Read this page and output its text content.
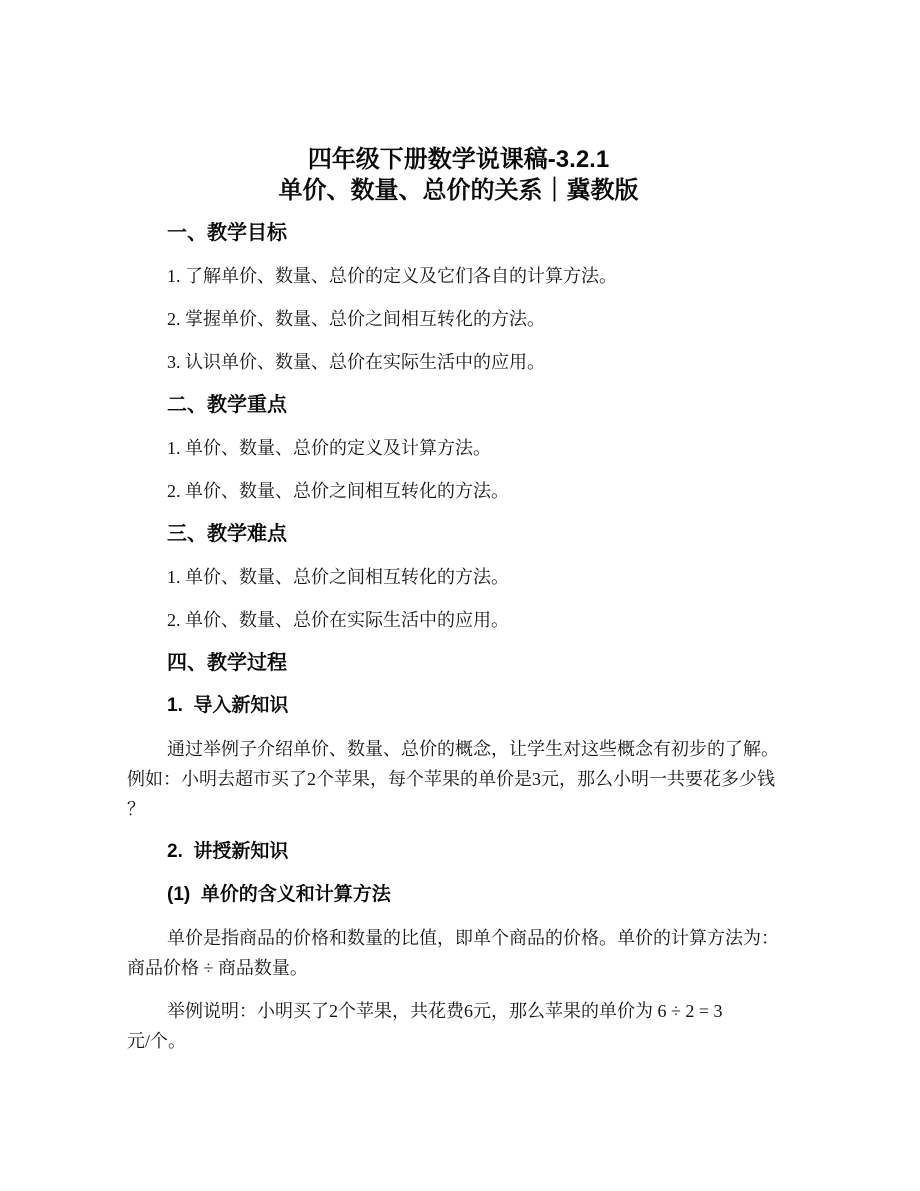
四年级下册数学说课稿-3.2.1
单价、数量、总价的关系｜冀教版
一、教学目标
1. 了解单价、数量、总价的定义及它们各自的计算方法。
2. 掌握单价、数量、总价之间相互转化的方法。
3. 认识单价、数量、总价在实际生活中的应用。
二、教学重点
1. 单价、数量、总价的定义及计算方法。
2. 单价、数量、总价之间相互转化的方法。
三、教学难点
1. 单价、数量、总价之间相互转化的方法。
2. 单价、数量、总价在实际生活中的应用。
四、教学过程
1.  导入新知识
通过举例子介绍单价、数量、总价的概念，让学生对这些概念有初步的了解。
例如：小明去超市买了2个苹果，每个苹果的单价是3元，那么小明一共要花多少钱
？
2.  讲授新知识
(1)  单价的含义和计算方法
单价是指商品的价格和数量的比值，即单个商品的价格。单价的计算方法为：
商品价格 ÷ 商品数量。
举例说明：小明买了2个苹果，共花费6元，那么苹果的单价为 6 ÷ 2 = 3
元/个。
